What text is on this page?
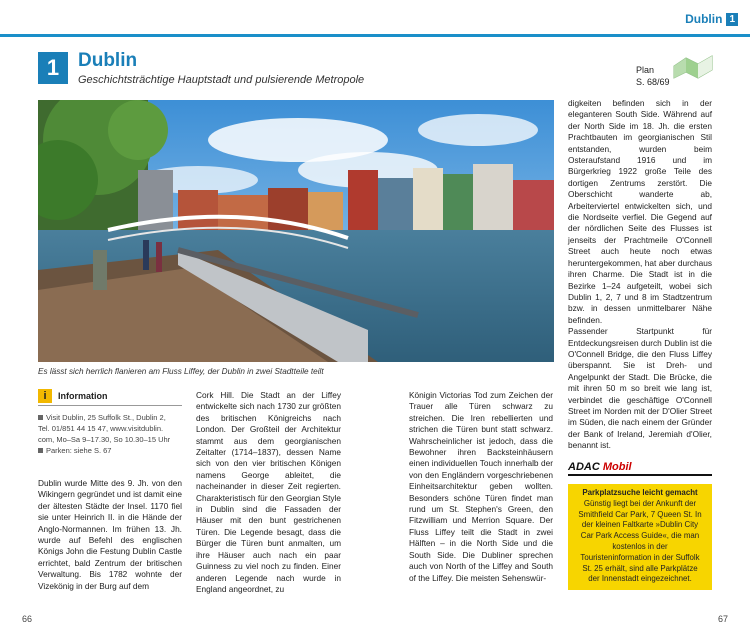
Dublin 1
1 Dublin
Geschichtsträchtige Hauptstadt und pulsierende Metropole
Plan
S. 68/69
Es lässt sich herrlich flanieren am Fluss Liffey, der Dublin in zwei Stadtteile teilt
i	Information
Visit Dublin, 25 Suffolk St., Dublin 2,
Tel. 01/851 44 15 47, www.visitdublin.
com, Mo–Sa 9–17.30, So 10.30–15 Uhr
Parken: siehe S. 67

Dublin wurde Mitte des 9. Jh. von den Wikingern gegründet und ist damit eine der ältesten Städte der Insel. 1170 fiel sie unter Heinrich II. in die Hände der Anglo-Normannen. Im frühen 13. Jh. wurde auf Befehl des englischen Königs John die Festung Dublin Castle errichtet, bald Zentrum der britischen Verwaltung. Bis 1782 wohnte der Vizekönig in der Burg auf dem

Cork Hill. Die Stadt an der Liffey entwickelte sich nach 1730 zur größten des britischen Königreichs nach London. Der Großteil der Architektur stammt aus dem georgianischen Zeitalter (1714–1837), dessen Name sich von den vier britischen Königen namens George ableitet, die nacheinander in dieser Zeit regierten. Charakteristisch für den Georgian Style in Dublin sind die Fassaden der Häuser mit den bunt gestrichenen Türen. Die Legende besagt, dass die Bürger die Türen bunt anmalten, um ihre Häuser auch nach ein paar Guinness zu viel noch zu finden. Einer anderen Legende nach wurde in England angeordnet, zu

Königin Victorias Tod zum Zeichen der Trauer alle Türen schwarz zu streichen. Die Iren rebellierten und strichen die Türen bunt statt schwarz. Wahrscheinlicher ist jedoch, dass die Bewohner ihren Backsteinhäusern einen individuellen Touch innerhalb der von den Engländern vorgeschriebenen Einheitsarchitektur geben wollten. Besonders schöne Türen findet man rund um St. Stephen's Green, den Fitzwilliam und Merrion Square. Der Fluss Liffey teilt die Stadt in zwei Hälften – in die North Side und die South Side. Die Dubliner sprechen auch von North of the Liffey and South of the Liffey. Die meisten Sehenswür-

digkeiten befinden sich in der eleganteren South Side. Während auf der North Side im 18. Jh. die ersten Prachtbauten im georgianischen Stil entstanden, wurden beim Osteraufstand 1916 und im Bürgerkrieg 1922 große Teile des dortigen Zentrums zerstört. Die Oberschicht wanderte ab, Arbeiterviertel entwickelten sich, und die Nordseite verfiel. Die Gegend auf der nördlichen Seite des Flusses ist jenseits der Prachtmeile O'Connell Street auch heute noch etwas heruntergekommen, hat aber durchaus ihren Charme. Die Stadt ist in die Bezirke 1–24 aufgeteilt, wobei sich Dublin 1, 2, 7 und 8 im Stadtzentrum bzw. in dessen unmittelbarer Nähe befinden.

Passender Startpunkt für Entdeckungsreisen durch Dublin ist die O'Connell Bridge, die den Fluss Liffey überspannt. Sie ist Dreh- und Angelpunkt der Stadt. Die Brücke, die mit ihren 50 m so breit wie lang ist, verbindet die geschäftige O'Connell Street im Norden mit der D'Olier Street im Süden, die nach einem der Gründer der Bank of Ireland, Jeremiah d'Olier, benannt ist.

ADAC Mobil
Parkplatzsuche leicht gemacht
Günstig liegt bei der Ankunft der Smithfield Car Park, 7 Queen St. In der kleinen Faltkarte »Dublin City Car Park Access Guide«, die man kostenlos in der Touristeninformation in der Suffolk St. 25 erhält, sind alle Parkplätze der Innenstadt eingezeichnet.
66	67
